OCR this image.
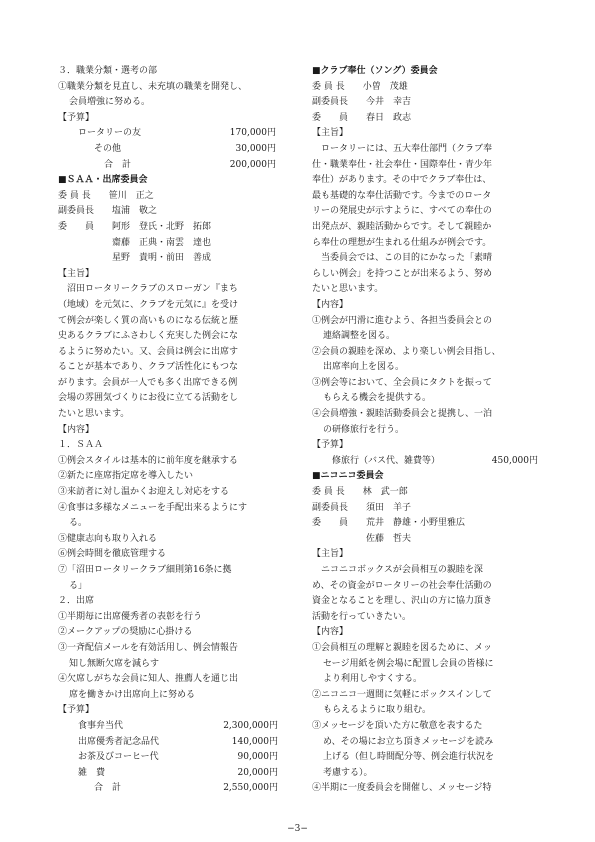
３．職業分類・選考の部
①職業分類を見直し、未充填の職業を開発し、
会員増強に努める。
【予算】
ロータリーの友	170,000円
その他	30,000円
合　計	200,000円
■ＳＡＡ・出席委員会
委 員 長　　笹川　正之
副委員長　　塩浦　敬之
委　　員　　阿形　登氏・北野　拓郎
　　　　　　齋藤　正典・南雲　達也
　　　　　　星野　貴明・前田　善成
【主旨】
　沼田ロータリークラブのスローガン『まち
（地域）を元気に、クラブを元気に』を受け
て例会が楽しく質の高いものになる伝統と歴
史あるクラブにふさわしく充実した例会にな
るように努めたい。又、会員は例会に出席す
ることが基本であり、クラブ活性化にもつな
がります。会員が一人でも多く出席できる例
会場の雰囲気づくりにお役に立てる活動をし
たいと思います。
【内容】
１．ＳＡＡ
①例会スタイルは基本的に前年度を継承する
②新たに座席指定席を導入したい
③来訪者に対し温かくお迎えし対応をする
④食事は多様なメニューを手配出来るようにす
る。
⑤健康志向も取り入れる
⑥例会時間を徹底管理する
⑦「沼田ロータリークラブ細則第16条に拠
る」
２．出席
①半期毎に出席優秀者の表彰を行う
②メークアップの奨励に心掛ける
③一斉配信メールを有効活用し、例会情報告
知し無断欠席を減らす
④欠席しがちな会員に知人、推薦人を通じ出
席を働きかけ出席向上に努める
【予算】
食事弁当代	2,300,000円
出席優秀者記念品代	140,000円
お茶及びコーヒー代	90,000円
雑　費	20,000円
合　計	2,550,000円
■クラブ奉仕（ソング）委員会
委 員 長　　小曽　茂雄
副委員長　　今井　幸吉
委　　員　　春日　政志
【主旨】
　ロータリーには、五大奉仕部門（クラブ奉
仕・職業奉仕・社会奉仕・国際奉仕・青少年
奉仕）があります。その中でクラブ奉仕は、
最も基礎的な奉仕活動です。今までのロータ
リーの発展史が示すように、すべての奉仕の
出発点が、親睦活動からです。そして親睦か
ら奉仕の理想が生まれる仕組みが例会です。
　当委員会では、この目的にかなった「素晴
らしい例会」を持つことが出来るよう、努め
たいと思います。
【内容】
①例会が円滑に進むよう、各担当委員会との
連絡調整を図る。
②会員の親睦を深め、より楽しい例会目指し、
出席率向上を図る。
③例会等において、全会員にタクトを振って
もらえる機会を提供する。
④会員増強・親睦活動委員会と提携し、一泊
の研修旅行を行う。
【予算】
修旅行（バス代、雑費等）	450,000円
■ニコニコ委員会
委 員 長　　林　武一郎
副委員長　　須田　羊子
委　　員　　荒井　静雄・小野里雅広
　　　　　　佐藤　哲夫
【主旨】
　ニコニコボックスが会員相互の親睦を深
め、その資金がロータリーの社会奉仕活動の
資金となることを理し、沢山の方に協力頂き
活動を行っていきたい。
【内容】
①会員相互の理解と親睦を図るために、メッ
セージ用紙を例会場に配置し会員の皆様に
より利用しやすくする。
②ニコニコ一週間に気軽にボックスインして
もらえるように取り組む。
③メッセージを頂いた方に敬意を表するた
め、その場にお立ち頂きメッセージを読み
上げる（但し時間配分等、例会進行状況を
考慮する）。
④半期に一度委員会を開催し、メッセージ特
−3−
